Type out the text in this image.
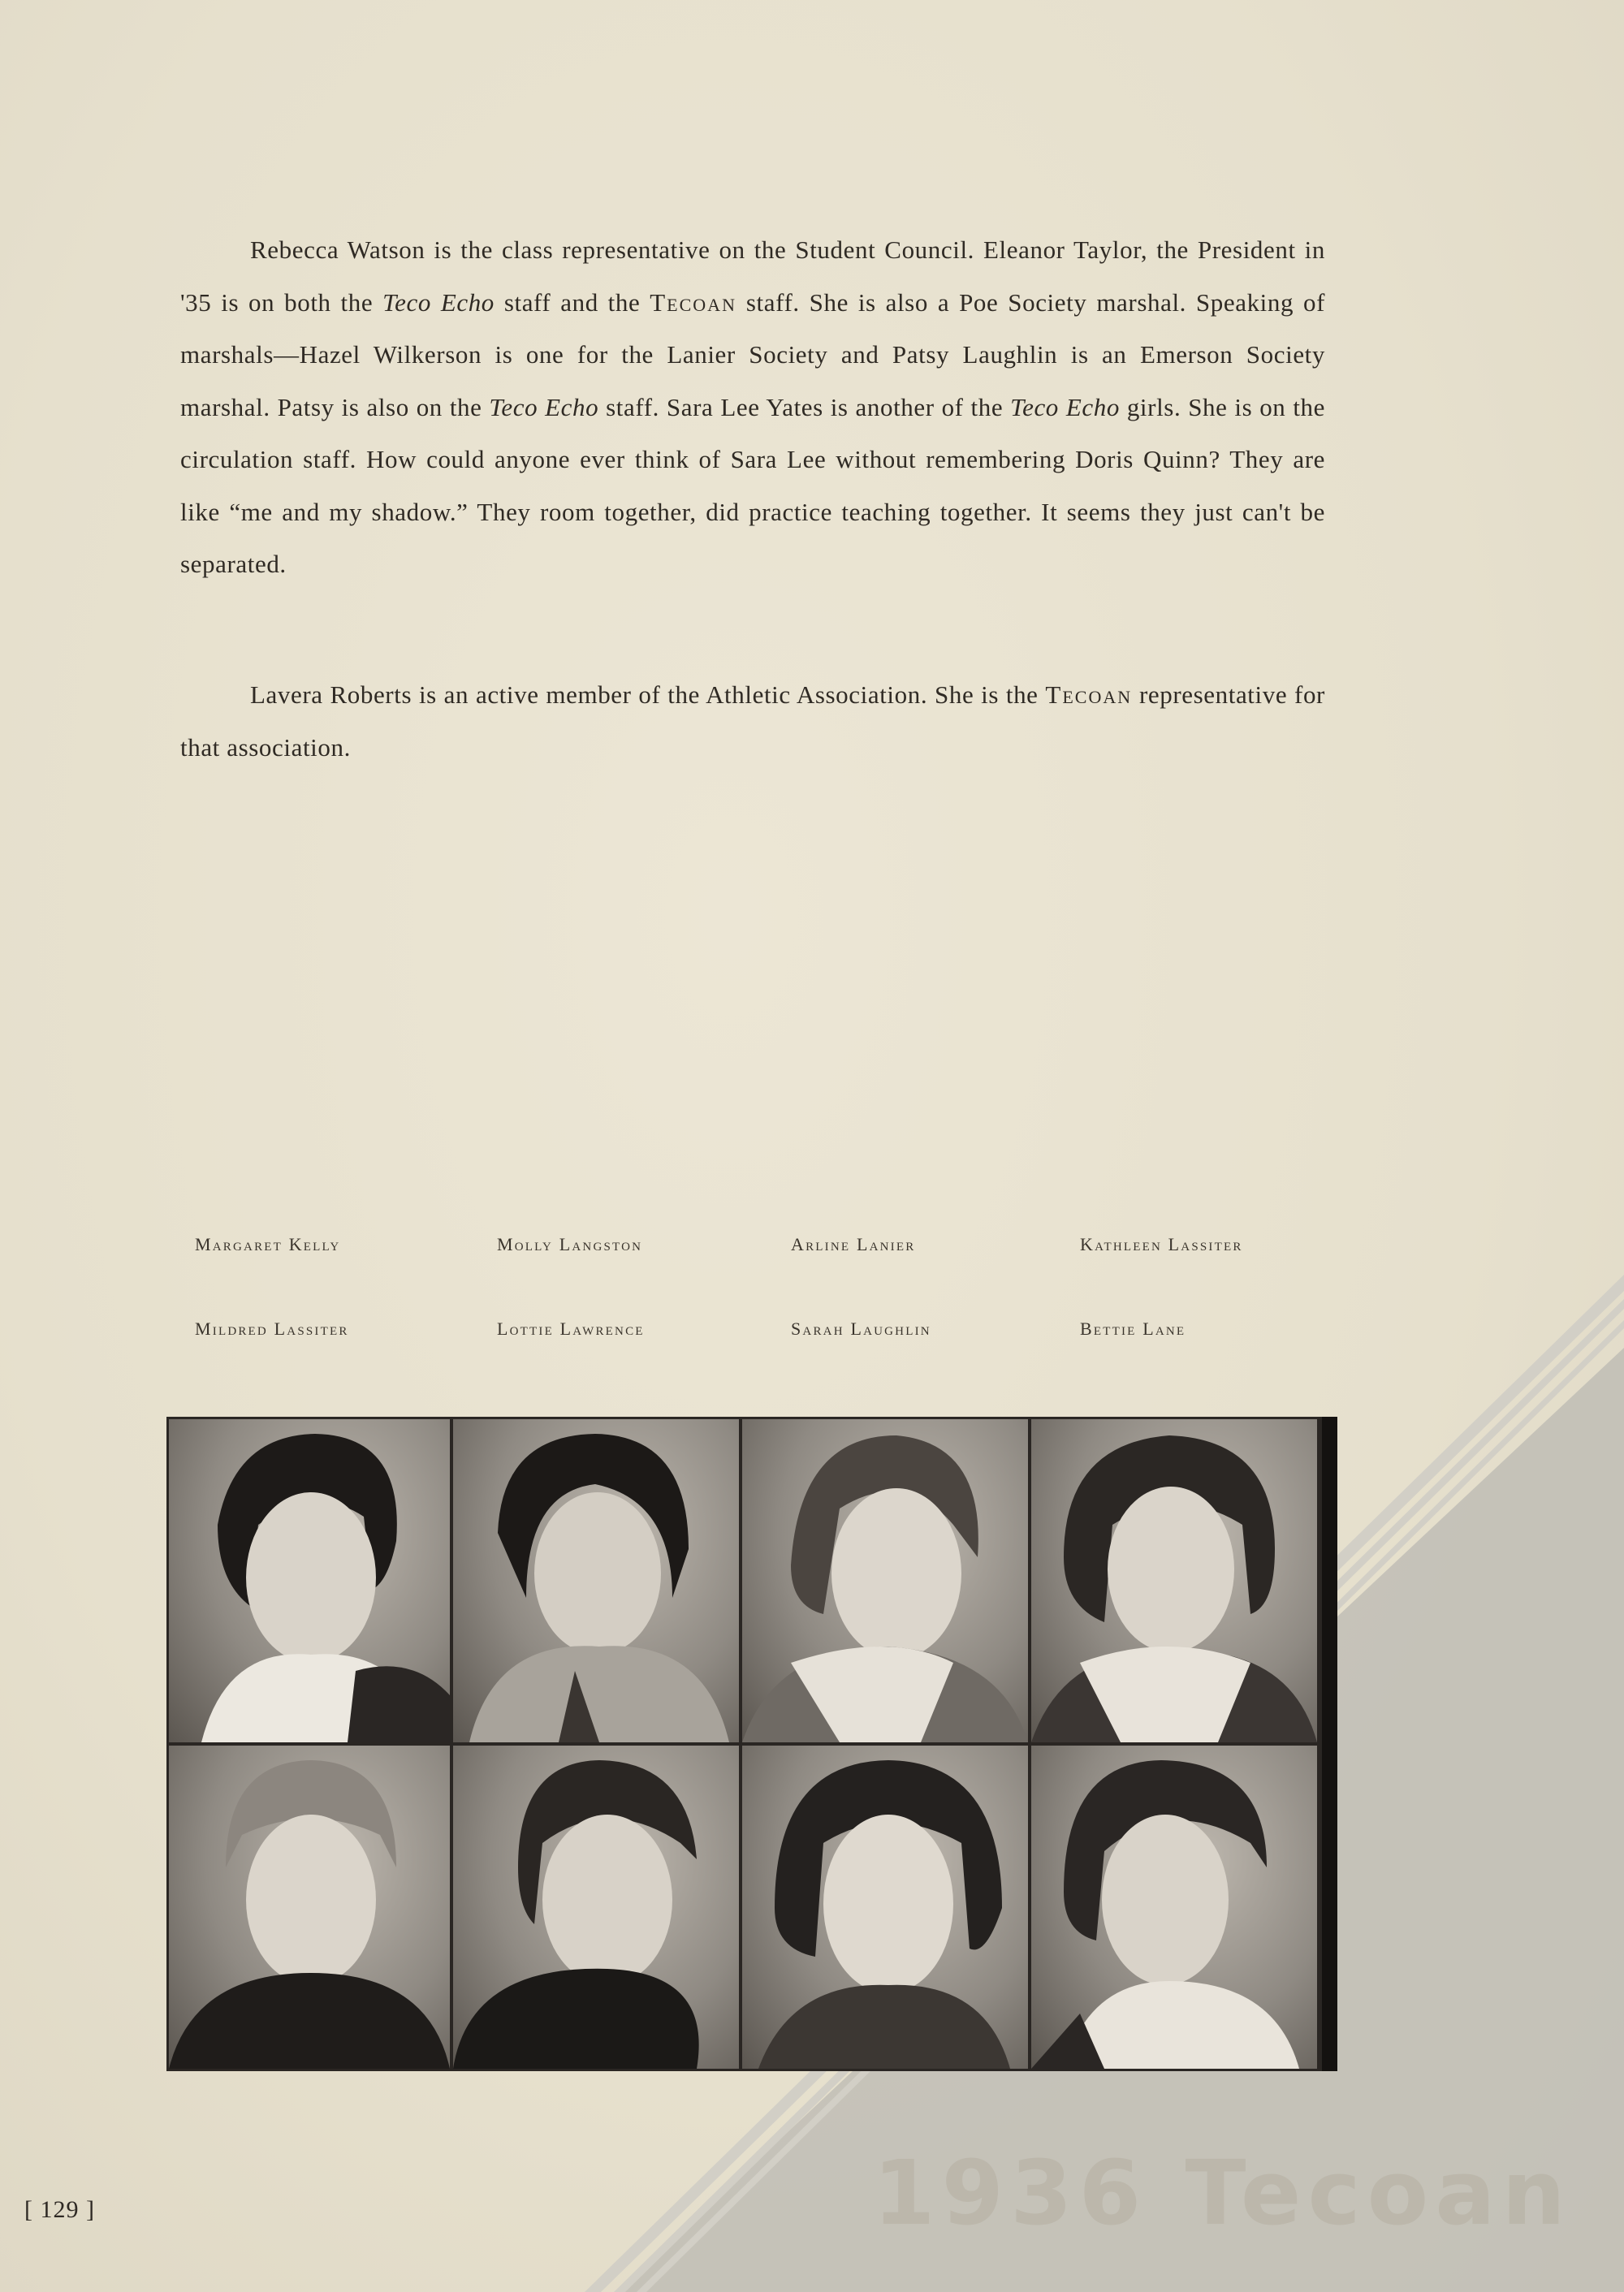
Rebecca Watson is the class representative on the Student Council. Eleanor Taylor, the President in '35 is on both the Teco Echo staff and the Tecoan staff. She is also a Poe Society marshal. Speaking of marshals—Hazel Wilkerson is one for the Lanier Society and Patsy Laughlin is an Emerson Society marshal. Patsy is also on the Teco Echo staff. Sara Lee Yates is another of the Teco Echo girls. She is on the circulation staff. How could anyone ever think of Sara Lee without remembering Doris Quinn? They are like “me and my shadow.” They room together, did practice teaching together. It seems they just can't be separated.
Lavera Roberts is an active member of the Athletic Association. She is the Tecoan representative for that association.
Margaret Kelly	Molly Langston	Arline Lanier	Kathleen Lassiter
Mildred Lassiter	Lottie Lawrence	Sarah Laughlin	Bettie Lane
[ 129 ]	1936 Tecoan
